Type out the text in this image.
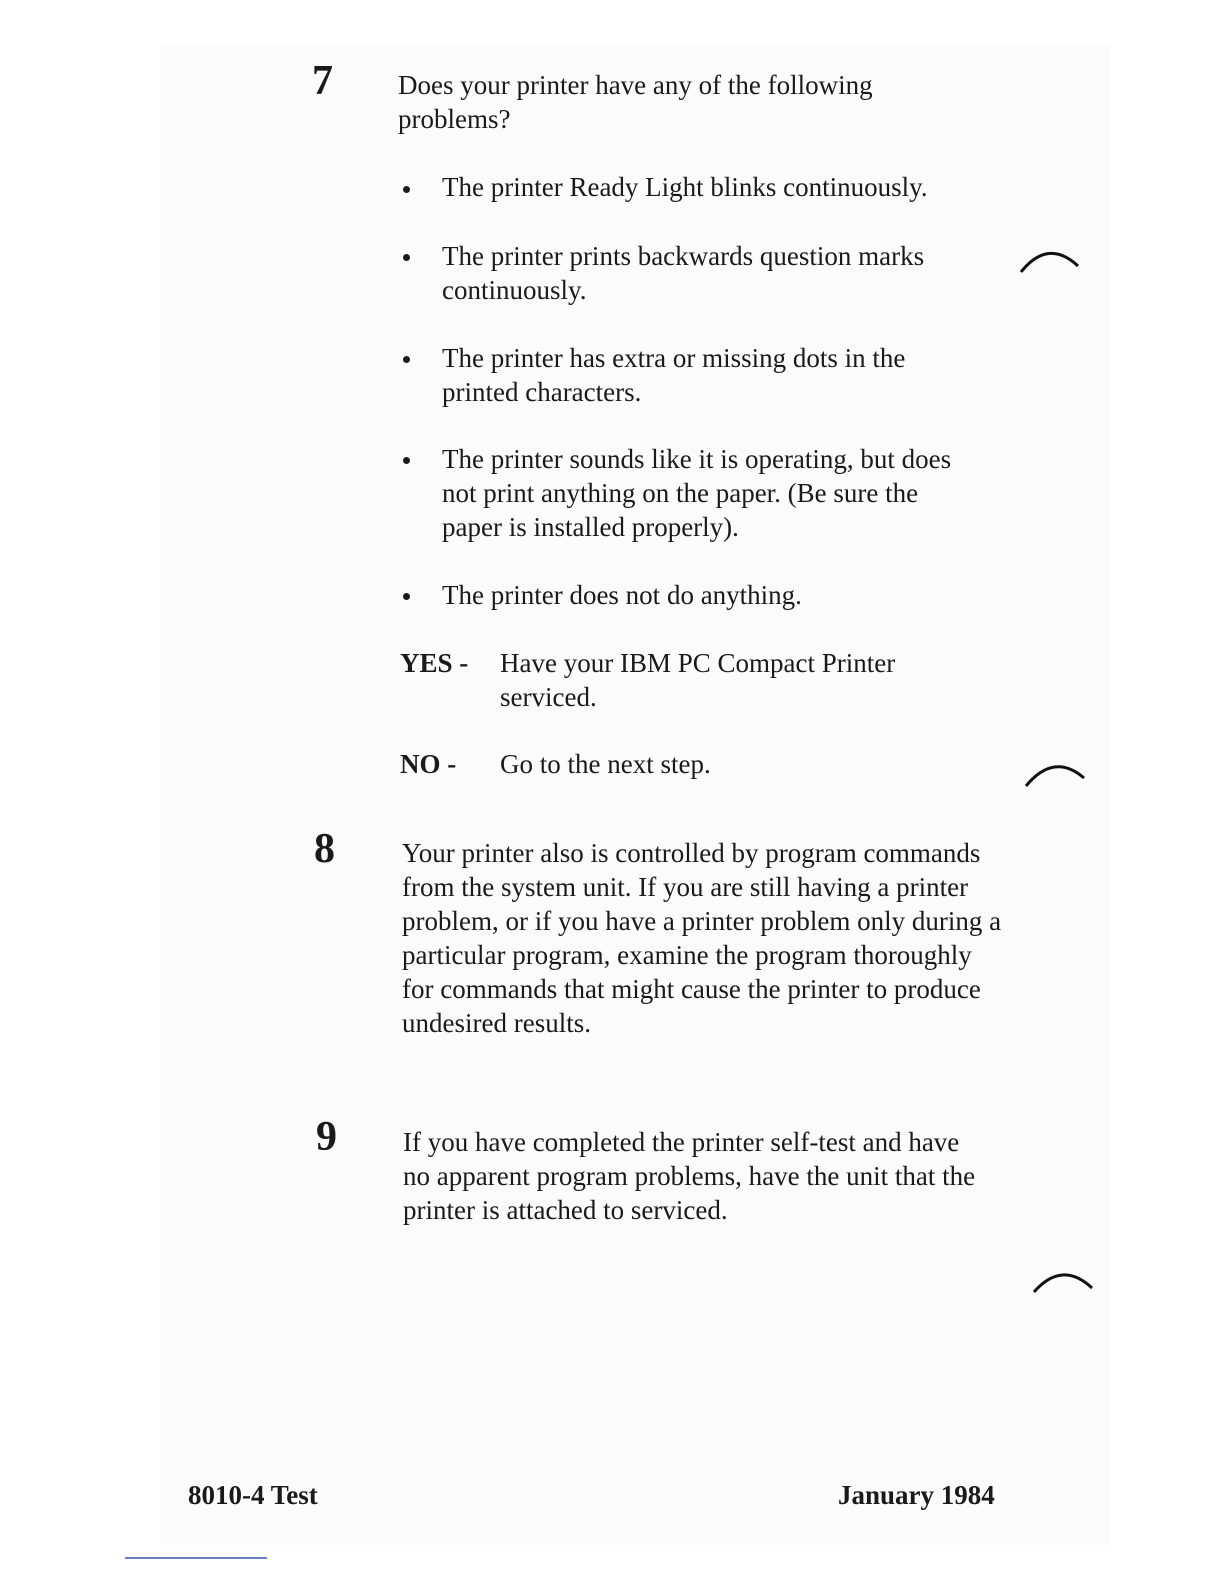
7 Does your printer have any of the following problems?
The printer Ready Light blinks continuously.
The printer prints backwards question marks continuously.
The printer has extra or missing dots in the printed characters.
The printer sounds like it is operating, but does not print anything on the paper. (Be sure the paper is installed properly).
The printer does not do anything.
YES - Have your IBM PC Compact Printer serviced.
NO - Go to the next step.
8 Your printer also is controlled by program commands from the system unit. If you are still having a printer problem, or if you have a printer problem only during a particular program, examine the program thoroughly for commands that might cause the printer to produce undesired results.
9 If you have completed the printer self-test and have no apparent program problems, have the unit that the printer is attached to serviced.
8010-4 Test	January 1984
